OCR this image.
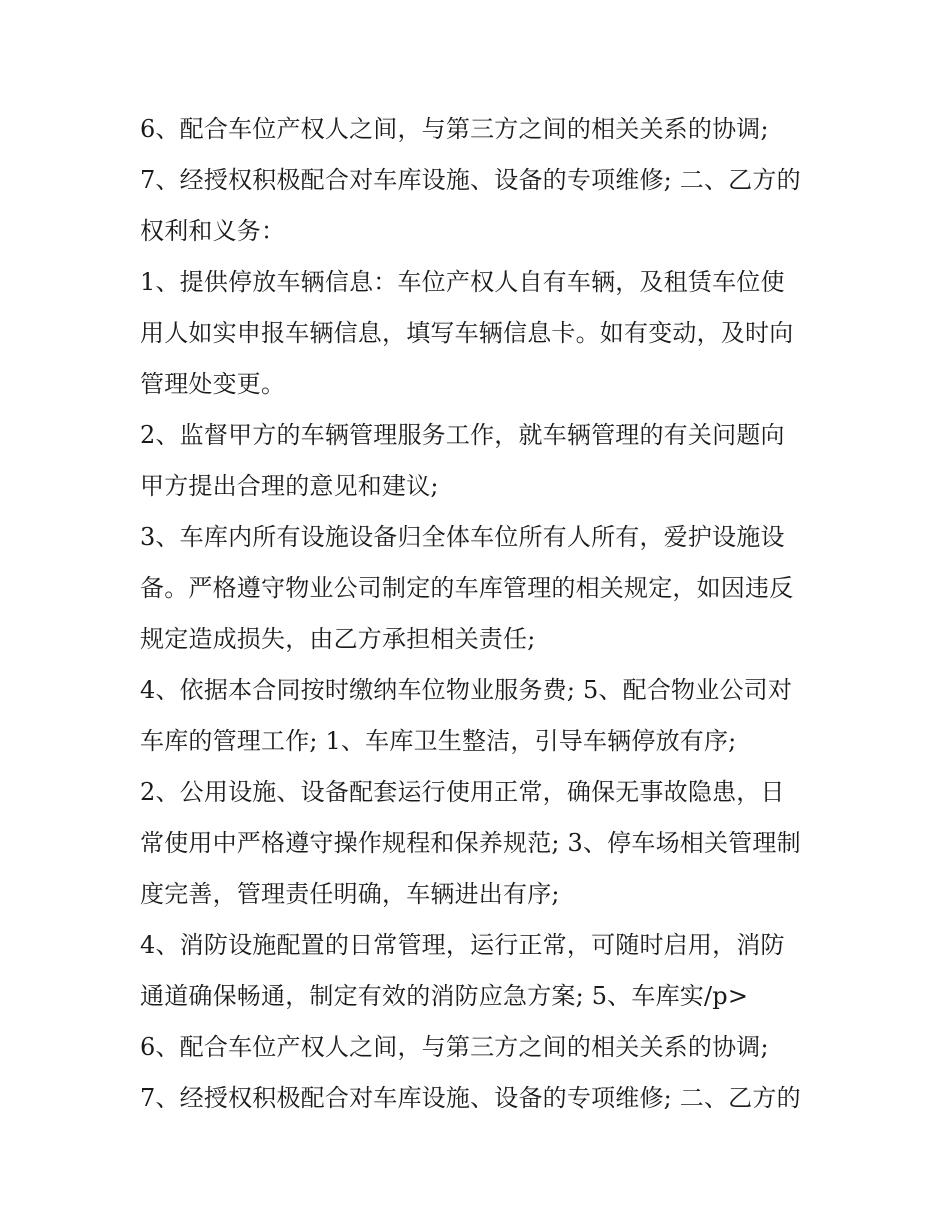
6、配合车位产权人之间，与第三方之间的相关关系的协调;
7、经授权积极配合对车库设施、设备的专项维修; 二、乙方的
权利和义务：
1、提供停放车辆信息：车位产权人自有车辆，及租赁车位使
用人如实申报车辆信息，填写车辆信息卡。如有变动，及时向
管理处变更。
2、监督甲方的车辆管理服务工作，就车辆管理的有关问题向
甲方提出合理的意见和建议;
3、车库内所有设施设备归全体车位所有人所有，爱护设施设
备。严格遵守物业公司制定的车库管理的相关规定，如因违反
规定造成损失，由乙方承担相关责任;
4、依据本合同按时缴纳车位物业服务费; 5、配合物业公司对
车库的管理工作; 1、车库卫生整洁，引导车辆停放有序;
2、公用设施、设备配套运行使用正常，确保无事故隐患，日
常使用中严格遵守操作规程和保养规范; 3、停车场相关管理制
度完善，管理责任明确，车辆进出有序;
4、消防设施配置的日常管理，运行正常，可随时启用，消防
通道确保畅通，制定有效的消防应急方案; 5、车库实/p>
6、配合车位产权人之间，与第三方之间的相关关系的协调;
7、经授权积极配合对车库设施、设备的专项维修; 二、乙方的
